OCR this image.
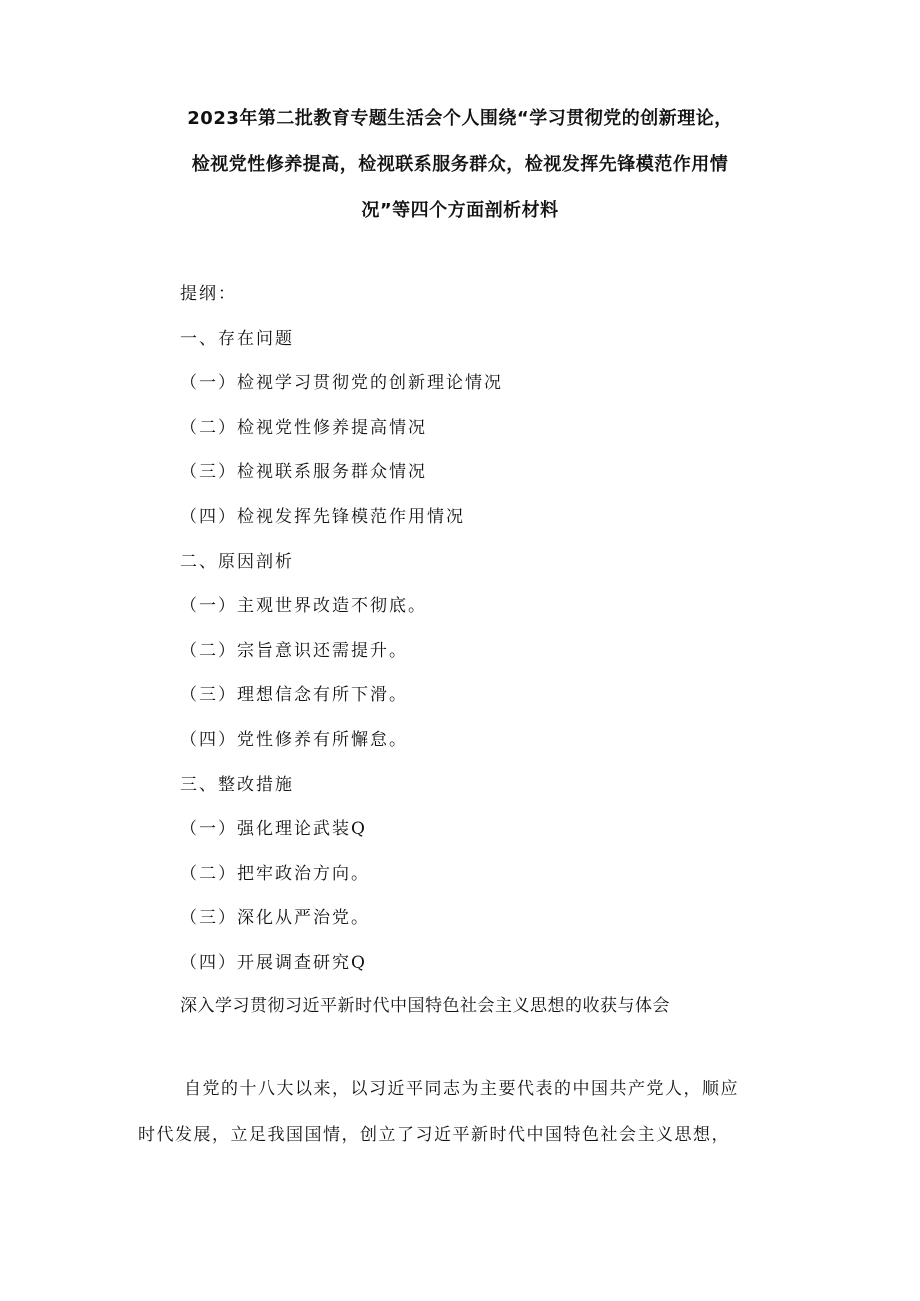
2023年第二批教育专题生活会个人围绕“学习贯彻党的创新理论，
检视党性修养提高，检视联系服务群众，检视发挥先锋模范作用情
况”等四个方面剖析材料
提纲：
一、存在问题
（一）检视学习贯彻党的创新理论情况
（二）检视党性修养提高情况
（三）检视联系服务群众情况
（四）检视发挥先锋模范作用情况
二、原因剖析
（一）主观世界改造不彻底。
（二）宗旨意识还需提升。
（三）理想信念有所下滑。
（四）党性修养有所懈怠。
三、整改措施
（一）强化理论武装Q
（二）把牢政治方向。
（三）深化从严治党。
（四）开展调查研究Q
深入学习贯彻习近平新时代中国特色社会主义思想的收获与体会
自党的十八大以来，以习近平同志为主要代表的中国共产党人，顺应
时代发展，立足我国国情，创立了习近平新时代中国特色社会主义思想，
